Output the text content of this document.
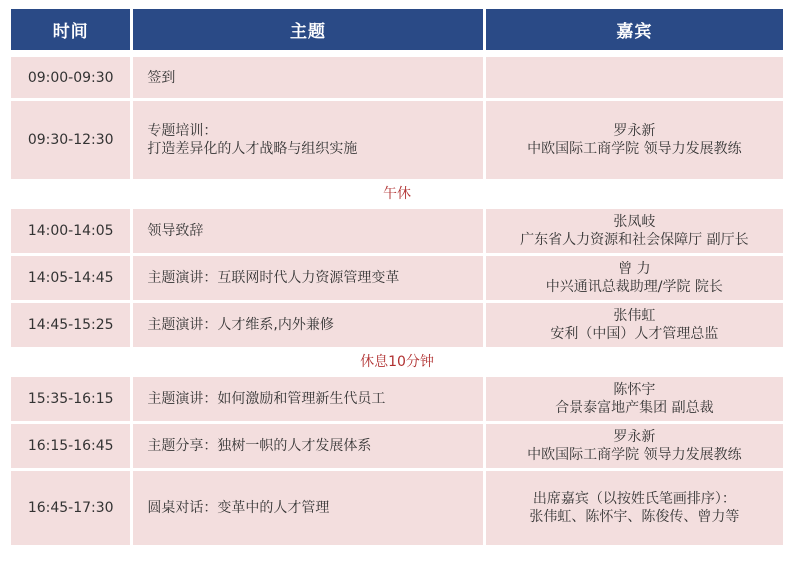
时间	主题	嘉宾

09:00-09:30	签到	

09:30-12:30	专题培训：
打造差异化的人才战略与组织实施	罗永新
中欧国际工商学院 领导力发展教练

午休		
14:00-14:05	领导致辞	张凤岐
广东省人力资源和社会保障厅 副厅长

14:05-14:45	主题演讲：互联网时代人力资源管理变革	曾 力
中兴通讯总裁助理/学院 院长

14:45-15:25	主题演讲：人才维系,内外兼修	张伟虹
安利（中国）人才管理总监

休息10分钟		
15:35-16:15	主题演讲：如何激励和管理新生代员工	陈怀宇
合景泰富地产集团 副总裁

16:15-16:45	主题分享：独树一帜的人才发展体系	罗永新
中欧国际工商学院 领导力发展教练

16:45-17:30	圆桌对话：变革中的人才管理	出席嘉宾（以按姓氏笔画排序）：
张伟虹、陈怀宇、陈俊传、曾力等
